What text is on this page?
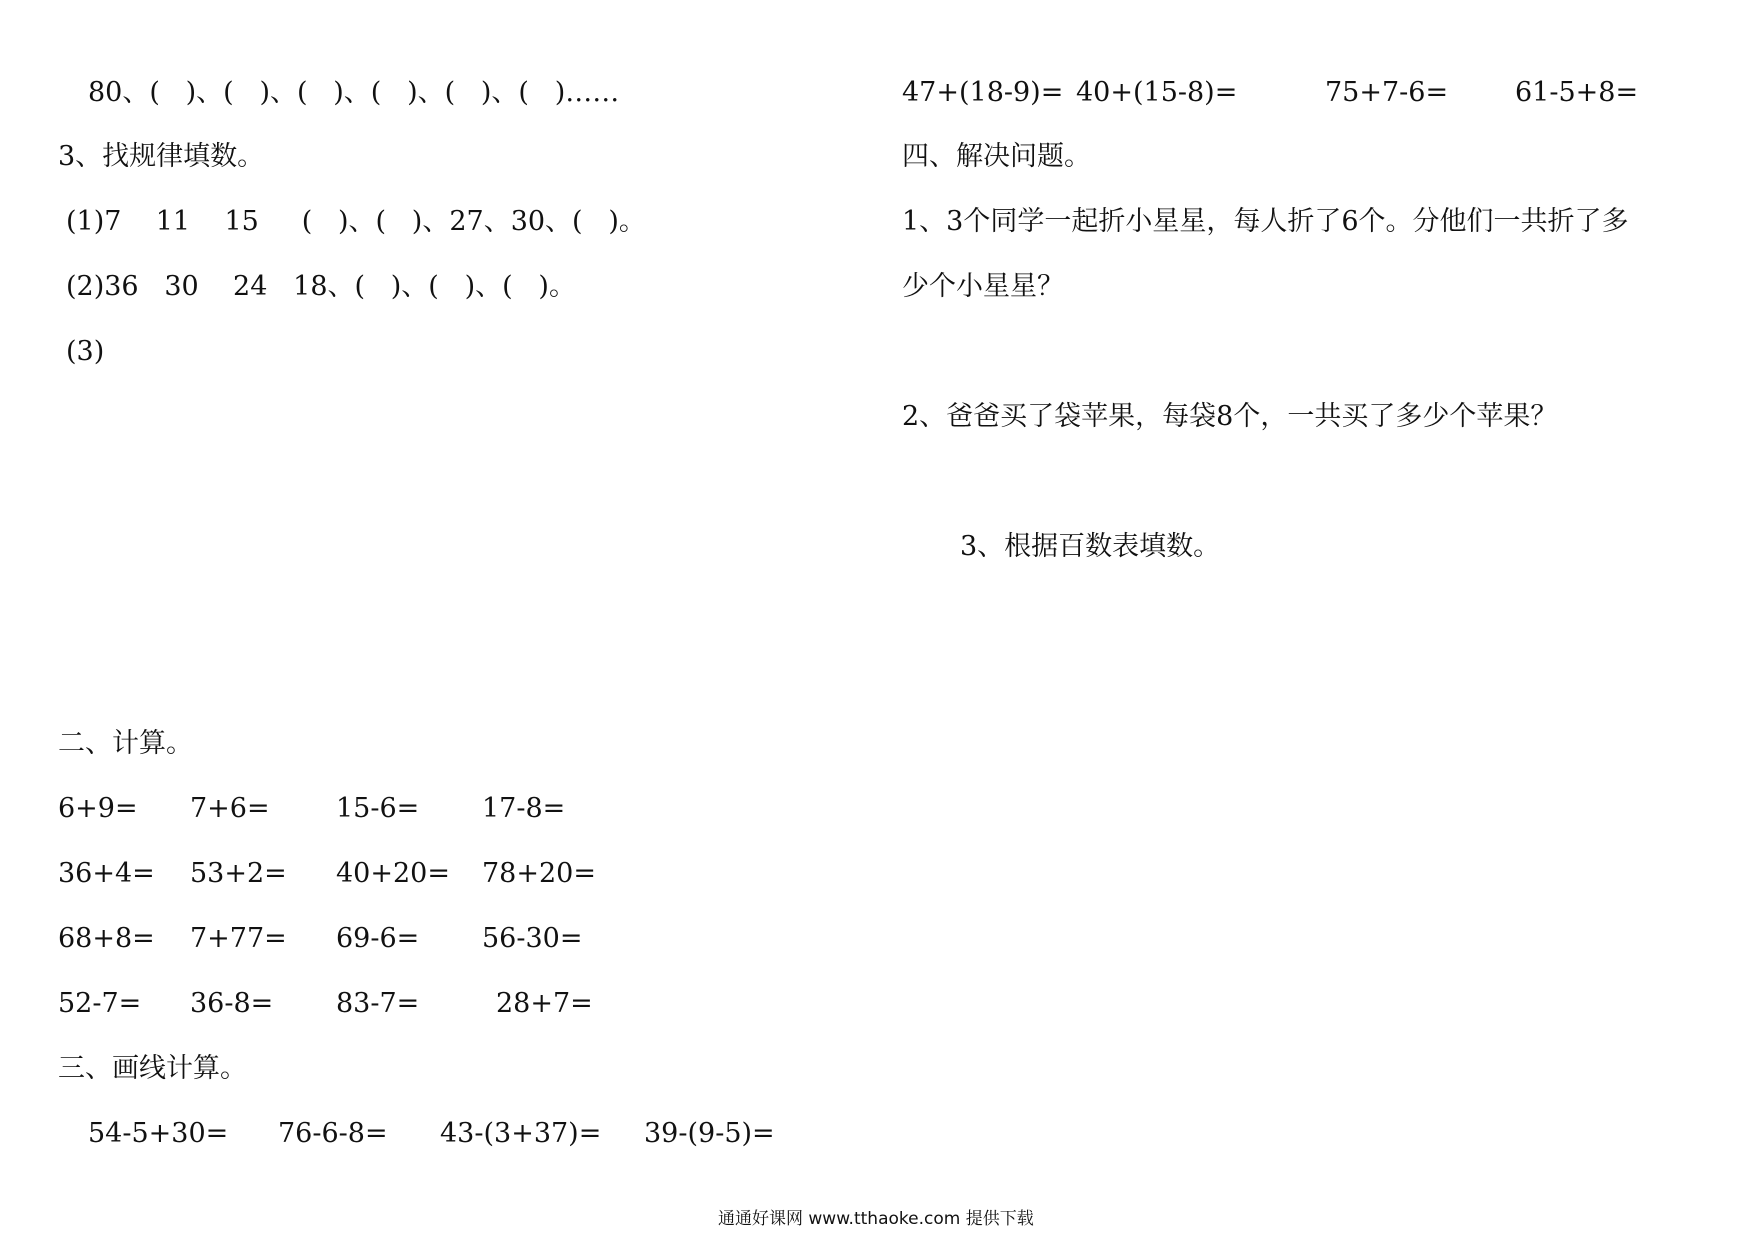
80、(   )、(   )、(   )、(   )、(   )、(   )……
3、找规律填数。
(1)7    11    15     (   )、(   )、27、30、(   )。
(2)36   30    24   18、(   )、(   )、(   )。
(3)
二、计算。
6+9= 7+6= 15-6= 17-8=
36+4= 53+2= 40+20= 78+20=
68+8= 7+77= 69-6= 56-30=
52-7= 36-8= 83-7=	28+7=
三、画线计算。
54-5+30= 76-6-8= 43-(3+37)= 39-(9-5)=
47+(18-9)= 40+(15-8)=	75+7-6= 61-5+8=
四、解决问题。
1、3个同学一起折小星星，每人折了6个。分他们一共折了多
少个小星星？
2、爸爸买了袋苹果，每袋8个，一共买了多少个苹果？
3、根据百数表填数。
通通好课网 www.tthaoke.com 提供下载
